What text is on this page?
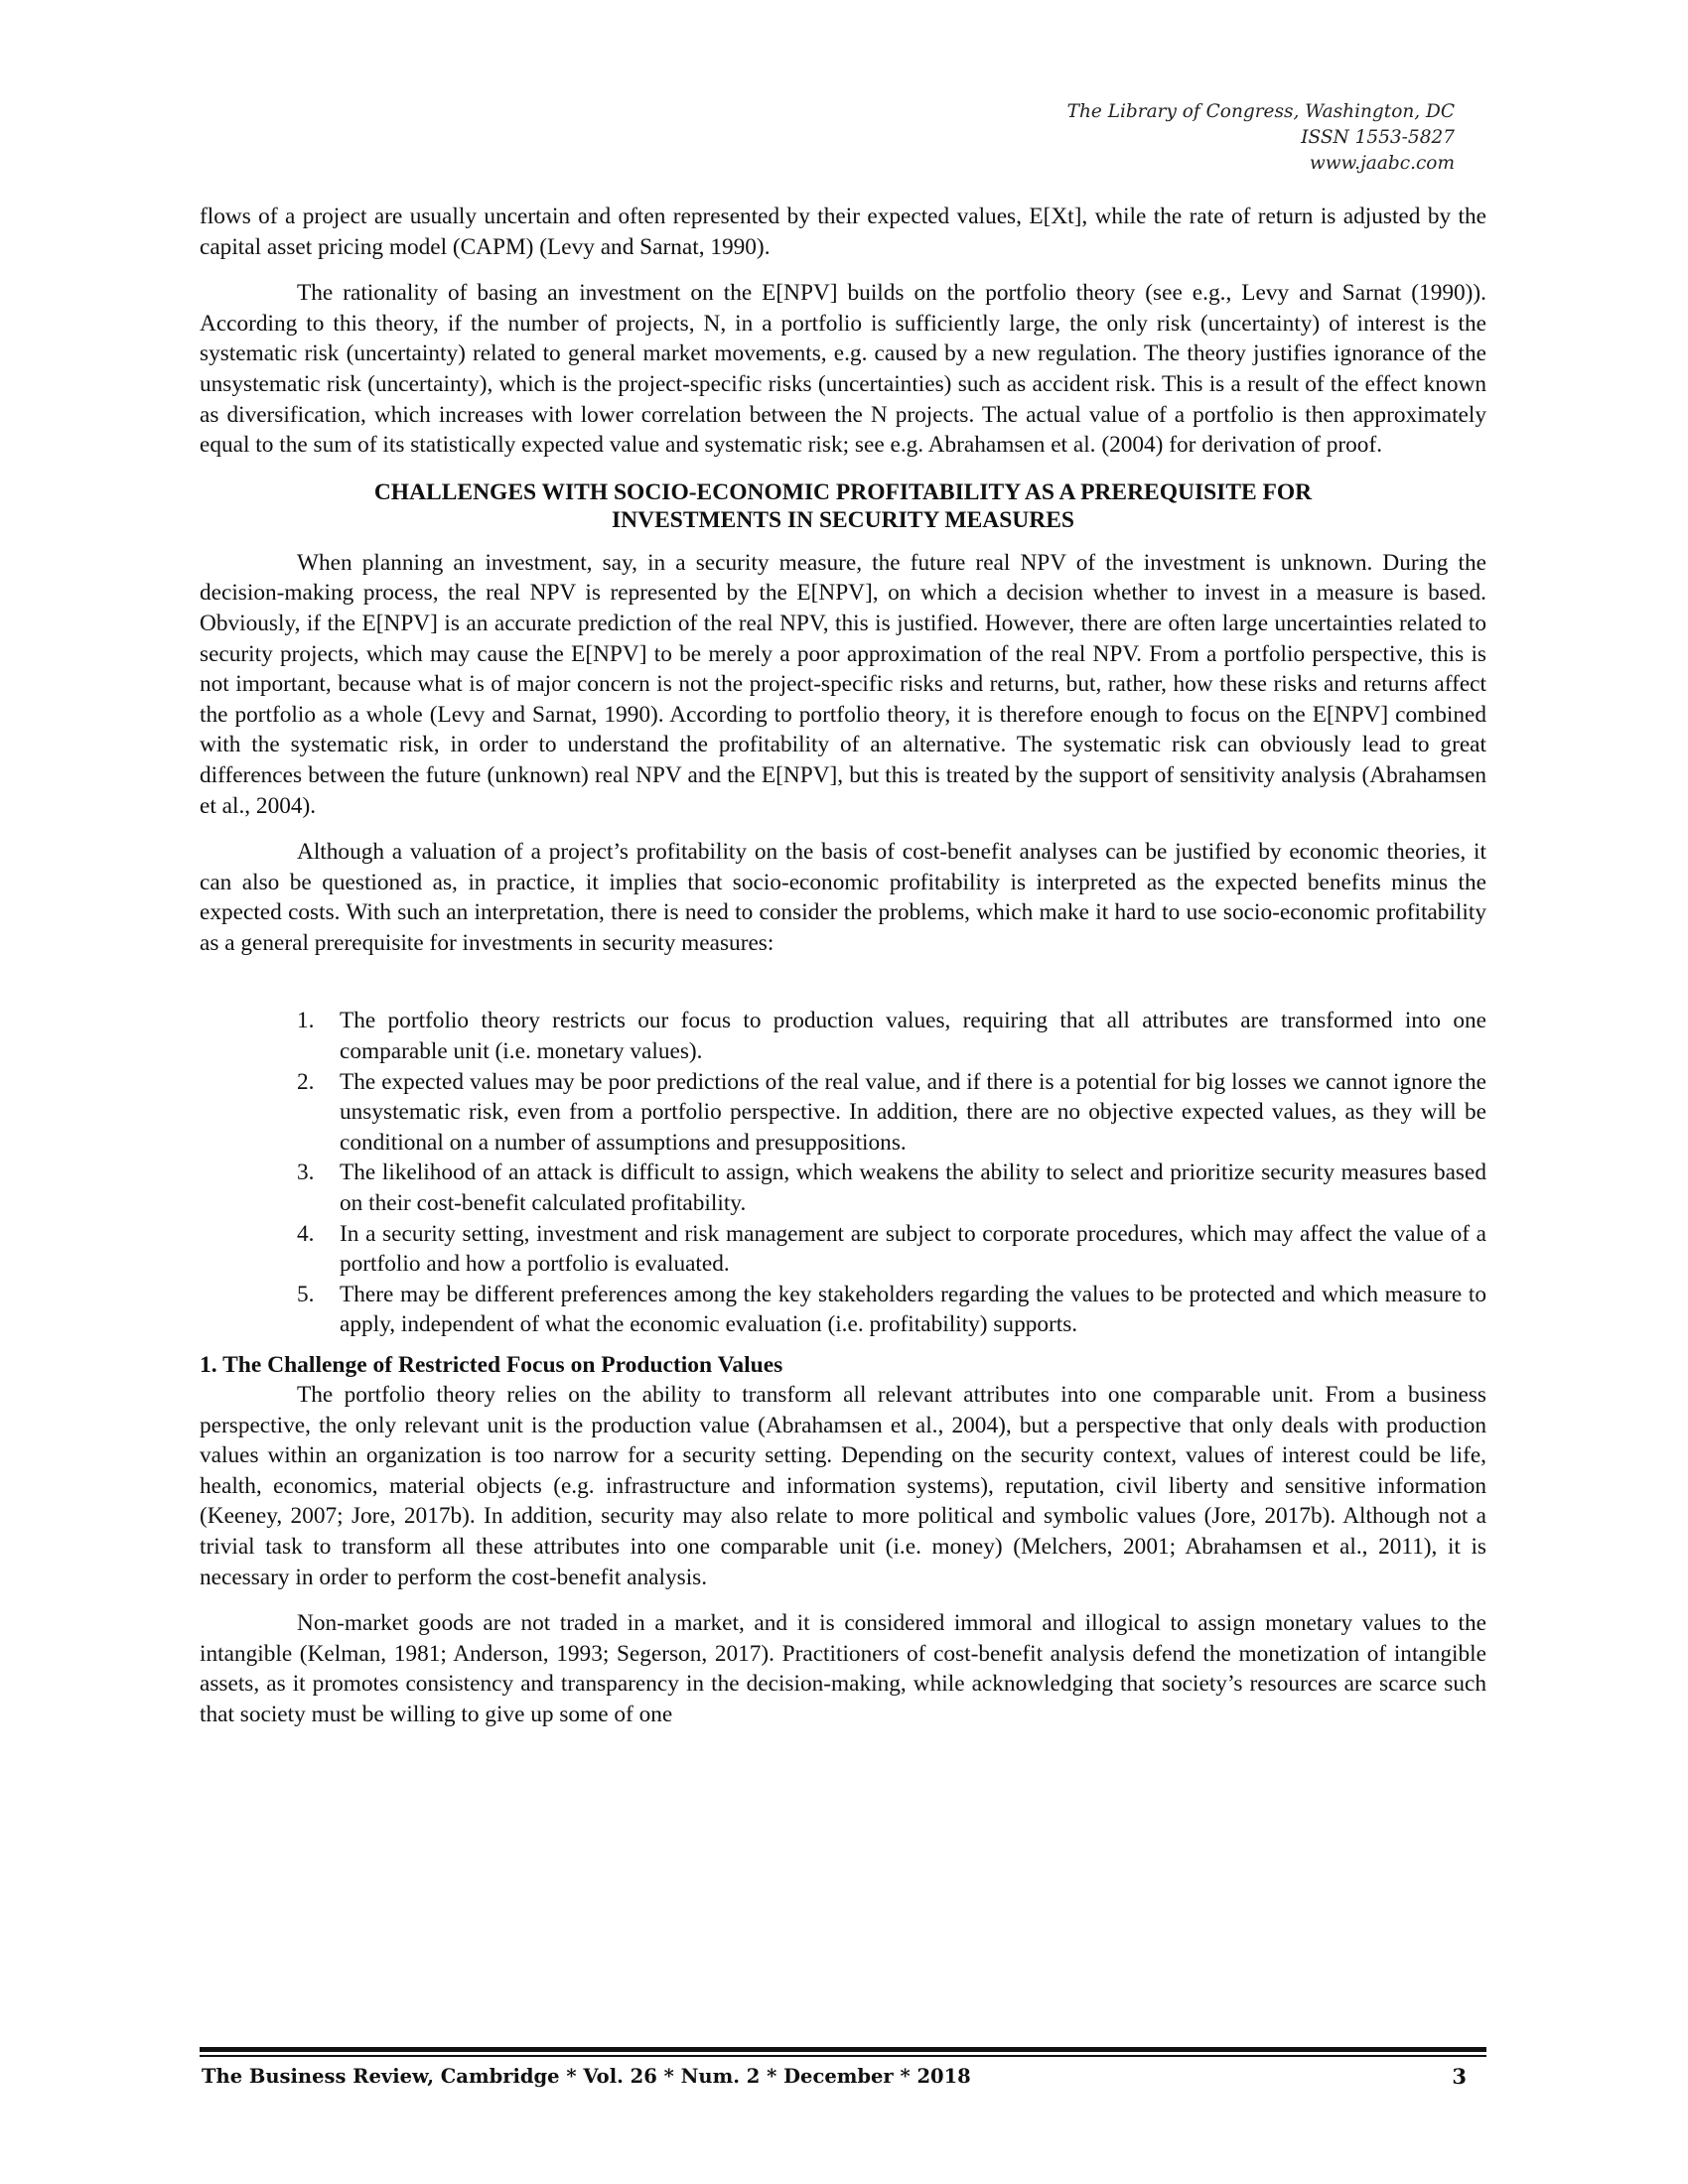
The Library of Congress, Washington, DC
ISSN 1553-5827
www.jaabc.com

flows of a project are usually uncertain and often represented by their expected values, E[Xt], while the rate of return is adjusted by the capital asset pricing model (CAPM) (Levy and Sarnat, 1990).

The rationality of basing an investment on the E[NPV] builds on the portfolio theory (see e.g., Levy and Sarnat (1990)). According to this theory, if the number of projects, N, in a portfolio is sufficiently large, the only risk (uncertainty) of interest is the systematic risk (uncertainty) related to general market movements, e.g. caused by a new regulation. The theory justifies ignorance of the unsystematic risk (uncertainty), which is the project-specific risks (uncertainties) such as accident risk. This is a result of the effect known as diversification, which increases with lower correlation between the N projects. The actual value of a portfolio is then approximately equal to the sum of its statistically expected value and systematic risk; see e.g. Abrahamsen et al. (2004) for derivation of proof.

CHALLENGES WITH SOCIO-ECONOMIC PROFITABILITY AS A PREREQUISITE FOR
INVESTMENTS IN SECURITY MEASURES

When planning an investment, say, in a security measure, the future real NPV of the investment is unknown. During the decision-making process, the real NPV is represented by the E[NPV], on which a decision whether to invest in a measure is based. Obviously, if the E[NPV] is an accurate prediction of the real NPV, this is justified. However, there are often large uncertainties related to security projects, which may cause the E[NPV] to be merely a poor approximation of the real NPV. From a portfolio perspective, this is not important, because what is of major concern is not the project-specific risks and returns, but, rather, how these risks and returns affect the portfolio as a whole (Levy and Sarnat, 1990). According to portfolio theory, it is therefore enough to focus on the E[NPV] combined with the systematic risk, in order to understand the profitability of an alternative. The systematic risk can obviously lead to great differences between the future (unknown) real NPV and the E[NPV], but this is treated by the support of sensitivity analysis (Abrahamsen et al., 2004).

Although a valuation of a project’s profitability on the basis of cost-benefit analyses can be justified by economic theories, it can also be questioned as, in practice, it implies that socio-economic profitability is interpreted as the expected benefits minus the expected costs. With such an interpretation, there is need to consider the problems, which make it hard to use socio-economic profitability as a general prerequisite for investments in security measures:

1. The portfolio theory restricts our focus to production values, requiring that all attributes are transformed into one comparable unit (i.e. monetary values).
2. The expected values may be poor predictions of the real value, and if there is a potential for big losses we cannot ignore the unsystematic risk, even from a portfolio perspective. In addition, there are no objective expected values, as they will be conditional on a number of assumptions and presuppositions.
3. The likelihood of an attack is difficult to assign, which weakens the ability to select and prioritize security measures based on their cost-benefit calculated profitability.
4. In a security setting, investment and risk management are subject to corporate procedures, which may affect the value of a portfolio and how a portfolio is evaluated.
5. There may be different preferences among the key stakeholders regarding the values to be protected and which measure to apply, independent of what the economic evaluation (i.e. profitability) supports.
1. The Challenge of Restricted Focus on Production Values

The portfolio theory relies on the ability to transform all relevant attributes into one comparable unit. From a business perspective, the only relevant unit is the production value (Abrahamsen et al., 2004), but a perspective that only deals with production values within an organization is too narrow for a security setting. Depending on the security context, values of interest could be life, health, economics, material objects (e.g. infrastructure and information systems), reputation, civil liberty and sensitive information (Keeney, 2007; Jore, 2017b). In addition, security may also relate to more political and symbolic values (Jore, 2017b). Although not a trivial task to transform all these attributes into one comparable unit (i.e. money) (Melchers, 2001; Abrahamsen et al., 2011), it is necessary in order to perform the cost-benefit analysis.

Non-market goods are not traded in a market, and it is considered immoral and illogical to assign monetary values to the intangible (Kelman, 1981; Anderson, 1993; Segerson, 2017). Practitioners of cost-benefit analysis defend the monetization of intangible assets, as it promotes consistency and transparency in the decision-making, while acknowledging that society’s resources are scarce such that society must be willing to give up some of one

The Business Review, Cambridge * Vol. 26 * Num. 2 * December * 2018	3
